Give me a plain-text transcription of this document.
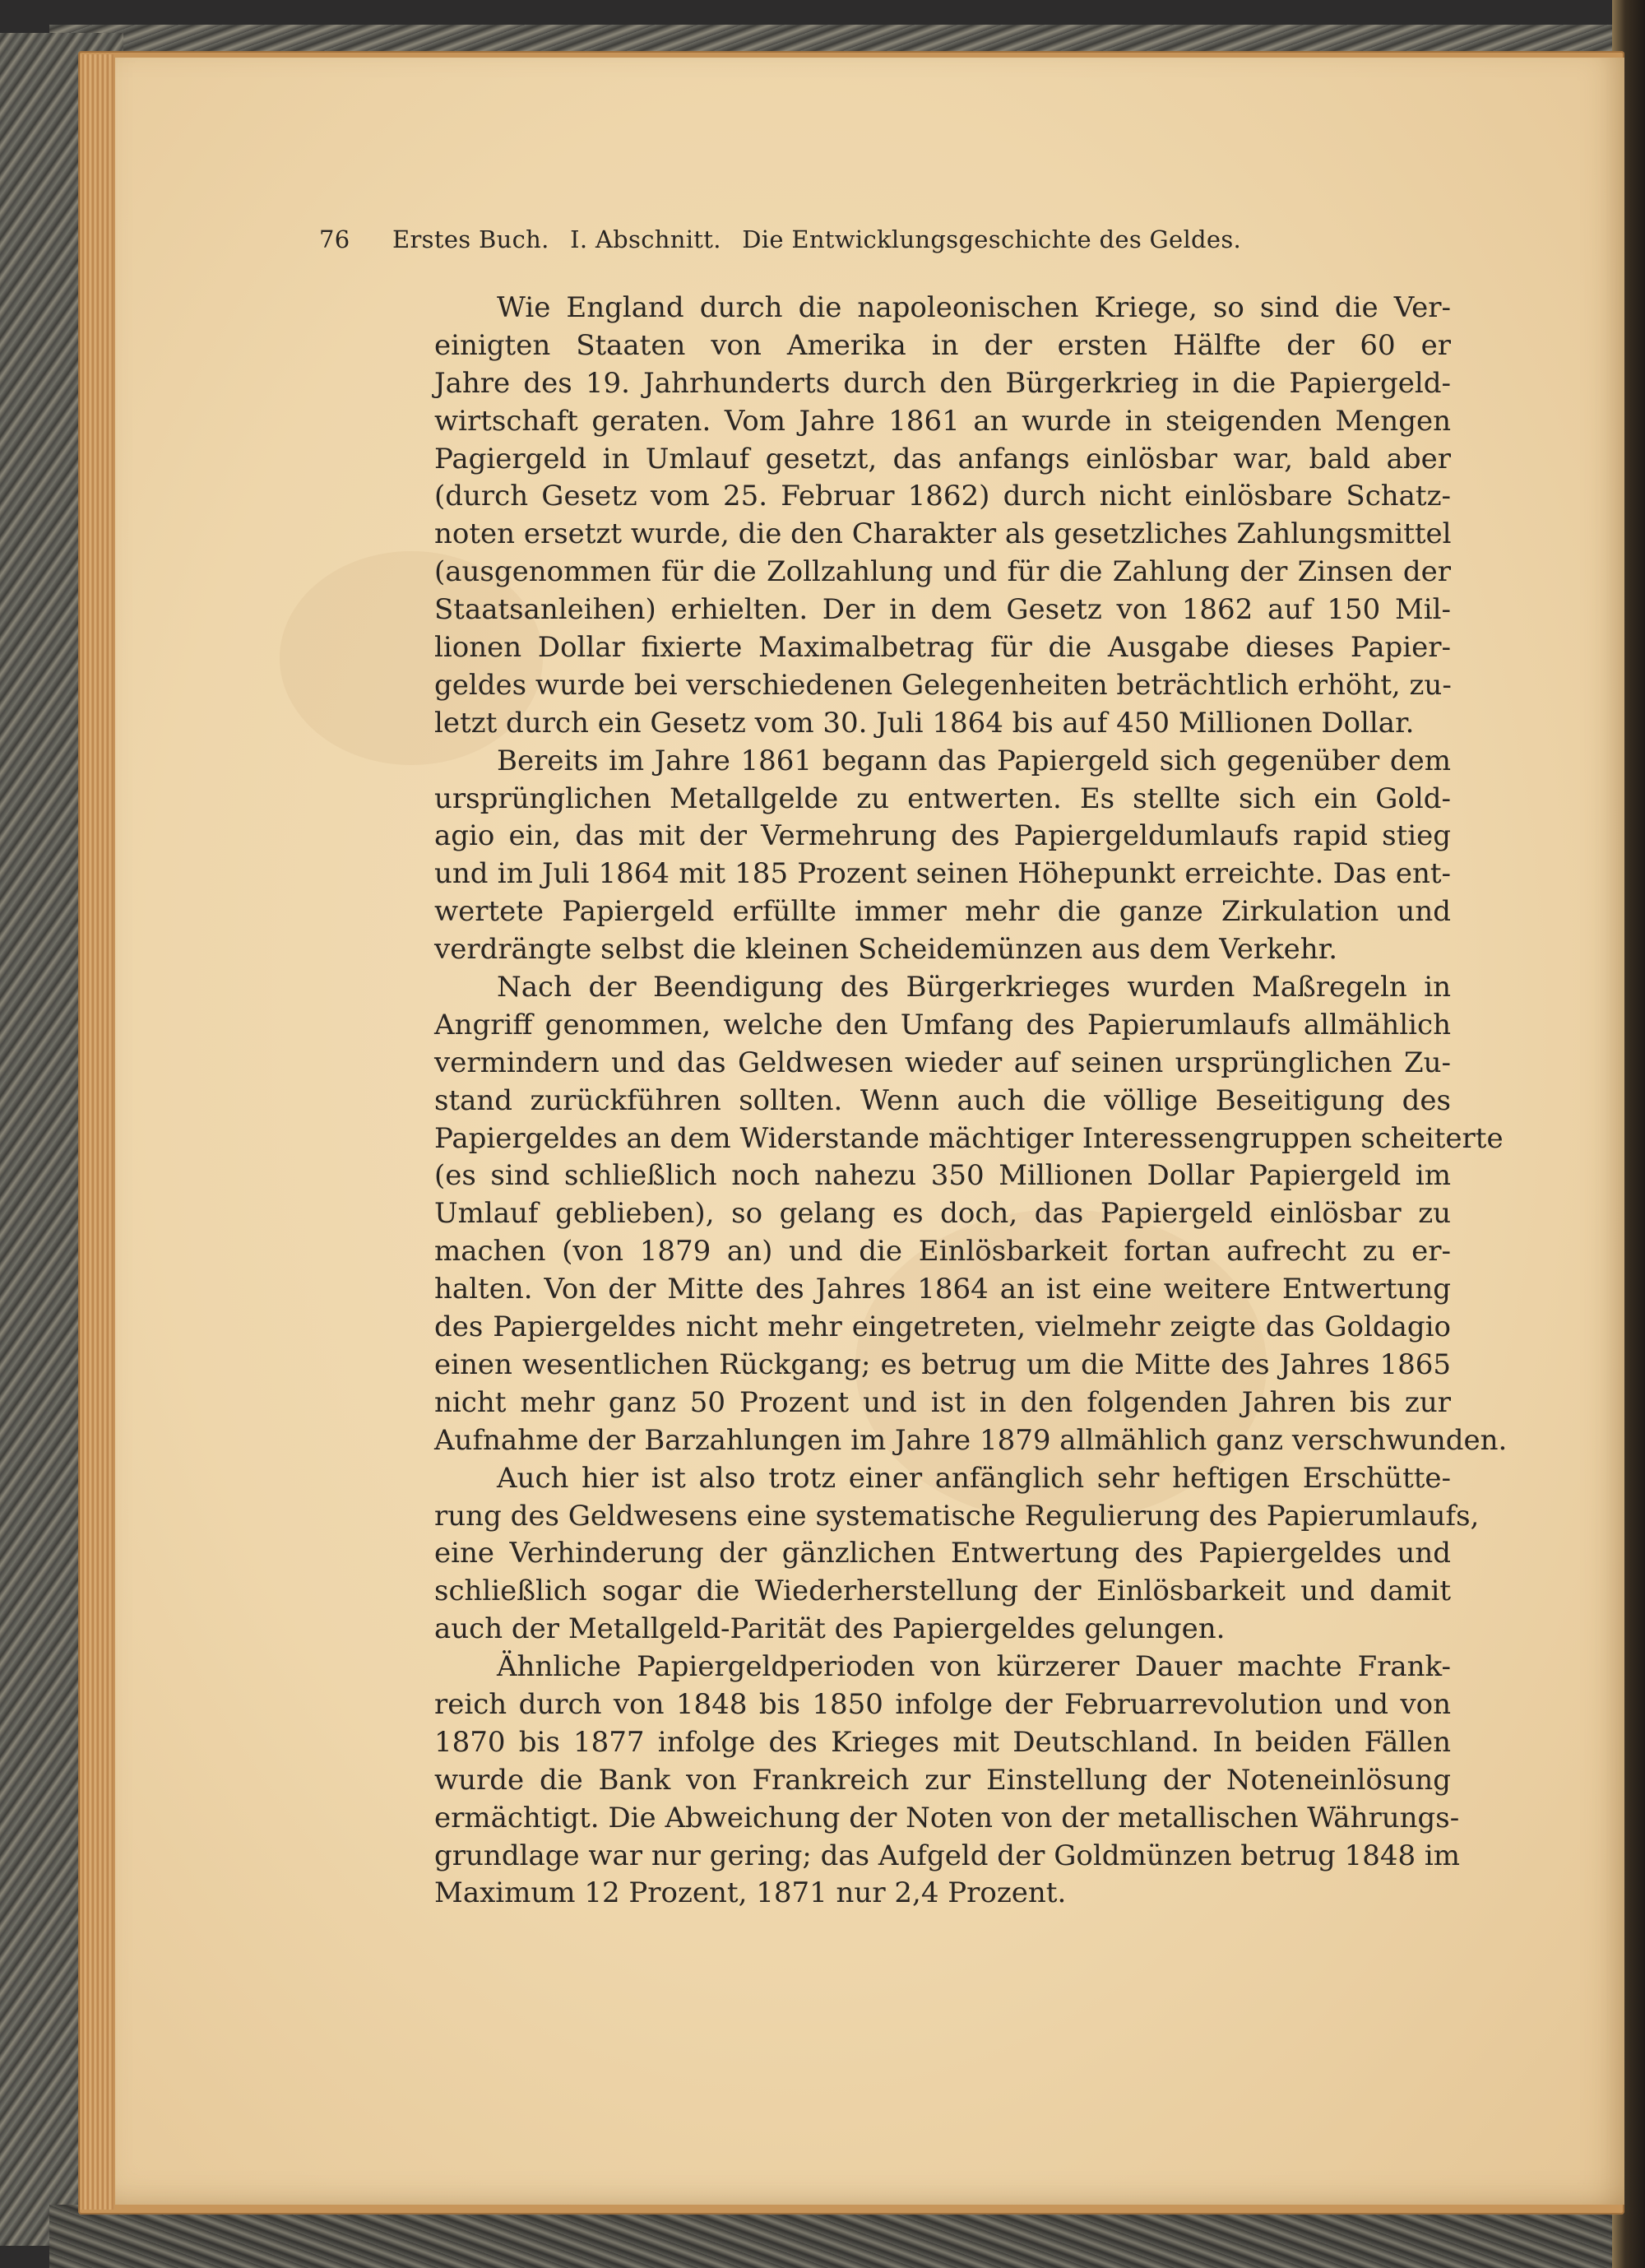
76 Erstes Buch. I. Abschnitt. Die Entwicklungsgeschichte des Geldes.
Wie England durch die napoleonischen Kriege, so sind die Ver-
einigten Staaten von Amerika in der ersten Hälfte der 60 er
Jahre des 19. Jahrhunderts durch den Bürgerkrieg in die Papiergeld-
wirtschaft geraten. Vom Jahre 1861 an wurde in steigenden Mengen
Pagiergeld in Umlauf gesetzt, das anfangs einlösbar war, bald aber
(durch Gesetz vom 25. Februar 1862) durch nicht einlösbare Schatz-
noten ersetzt wurde, die den Charakter als gesetzliches Zahlungsmittel
(ausgenommen für die Zollzahlung und für die Zahlung der Zinsen der
Staatsanleihen) erhielten. Der in dem Gesetz von 1862 auf 150 Mil-
lionen Dollar fixierte Maximalbetrag für die Ausgabe dieses Papier-
geldes wurde bei verschiedenen Gelegenheiten beträchtlich erhöht, zu-
letzt durch ein Gesetz vom 30. Juli 1864 bis auf 450 Millionen Dollar.
Bereits im Jahre 1861 begann das Papiergeld sich gegenüber dem
ursprünglichen Metallgelde zu entwerten. Es stellte sich ein Gold-
agio ein, das mit der Vermehrung des Papiergeldumlaufs rapid stieg
und im Juli 1864 mit 185 Prozent seinen Höhepunkt erreichte. Das ent-
wertete Papiergeld erfüllte immer mehr die ganze Zirkulation und
verdrängte selbst die kleinen Scheidemünzen aus dem Verkehr.
Nach der Beendigung des Bürgerkrieges wurden Maßregeln in
Angriff genommen, welche den Umfang des Papierumlaufs allmählich
vermindern und das Geldwesen wieder auf seinen ursprünglichen Zu-
stand zurückführen sollten. Wenn auch die völlige Beseitigung des
Papiergeldes an dem Widerstande mächtiger Interessengruppen scheiterte
(es sind schließlich noch nahezu 350 Millionen Dollar Papiergeld im
Umlauf geblieben), so gelang es doch, das Papiergeld einlösbar zu
machen (von 1879 an) und die Einlösbarkeit fortan aufrecht zu er-
halten. Von der Mitte des Jahres 1864 an ist eine weitere Entwertung
des Papiergeldes nicht mehr eingetreten, vielmehr zeigte das Goldagio
einen wesentlichen Rückgang; es betrug um die Mitte des Jahres 1865
nicht mehr ganz 50 Prozent und ist in den folgenden Jahren bis zur
Aufnahme der Barzahlungen im Jahre 1879 allmählich ganz verschwunden.
Auch hier ist also trotz einer anfänglich sehr heftigen Erschütte-
rung des Geldwesens eine systematische Regulierung des Papierumlaufs,
eine Verhinderung der gänzlichen Entwertung des Papiergeldes und
schließlich sogar die Wiederherstellung der Einlösbarkeit und damit
auch der Metallgeld-Parität des Papiergeldes gelungen.
Ähnliche Papiergeldperioden von kürzerer Dauer machte Frank-
reich durch von 1848 bis 1850 infolge der Februarrevolution und von
1870 bis 1877 infolge des Krieges mit Deutschland. In beiden Fällen
wurde die Bank von Frankreich zur Einstellung der Noteneinlösung
ermächtigt. Die Abweichung der Noten von der metallischen Währungs-
grundlage war nur gering; das Aufgeld der Goldmünzen betrug 1848 im
Maximum 12 Prozent, 1871 nur 2,4 Prozent.
